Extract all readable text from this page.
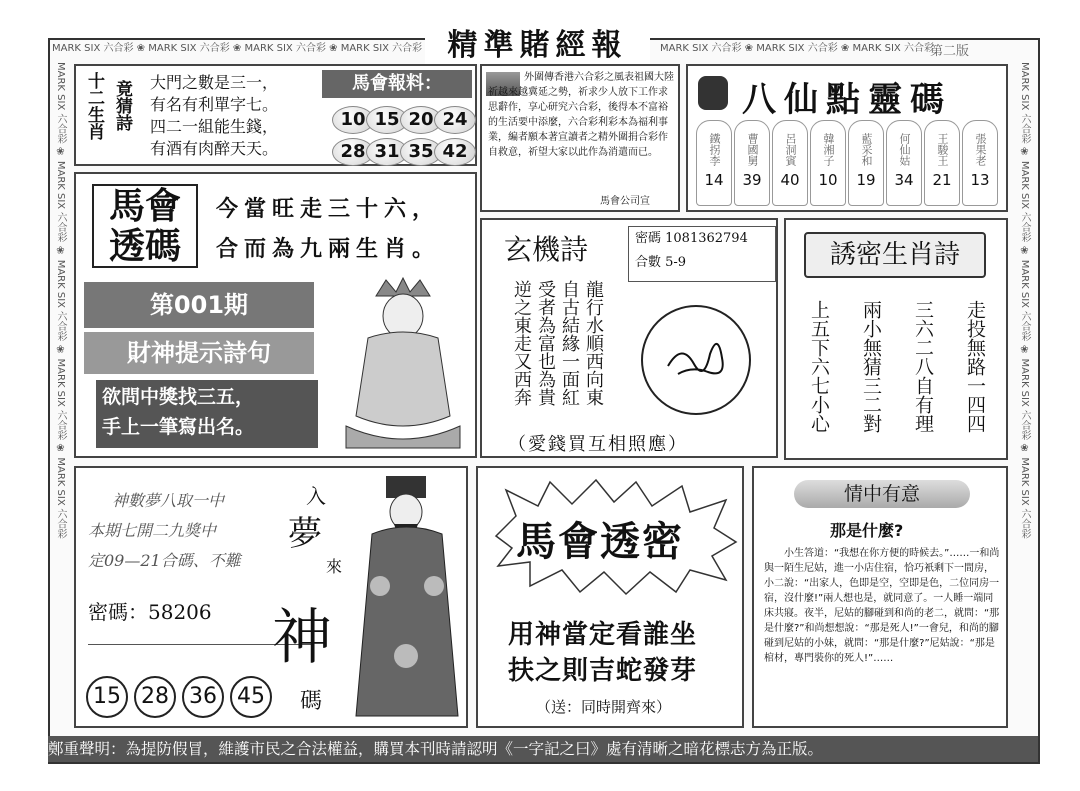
MARK SIX 六合彩 ❀ MARK SIX 六合彩 ❀ MARK SIX 六合彩 ❀ MARK SIX 六合彩	MARK SIX 六合彩 ❀ MARK SIX 六合彩 ❀ MARK SIX 六合彩
第二版
MARK SIX 六合彩 ❀ MARK SIX 六合彩 ❀ MARK SIX 六合彩 ❀ MARK SIX 六合彩 ❀ MARK SIX 六合彩
MARK SIX 六合彩 ❀ MARK SIX 六合彩 ❀ MARK SIX 六合彩 ❀ MARK SIX 六合彩 ❀ MARK SIX 六合彩
精準賭經報
十二生肖 竟猜詩 大門之數是三一，
有名有利單字七。
四二一組能生錢，
有酒有肉醉天天。
馬會報料：
10 15 20 24
28 31 35 42
外圍傳香港六合彩之風表祖國大陸祈越來越冀延之勢，祈求少人放下工作求思辭作，享心研究六合彩，後得本不富裕的生活要中添麼，六合彩利彩本為福利事業，編者願本著宣讀者之精外圍捐合彩作自救意，祈望大家以此作為消遣而已。
馬會公司宣
八仙點靈碼
鐵拐李
14
曹國舅
39
呂洞賓
40
韓湘子
10
藍采和
19
何仙姑
34
王駿王
21
張果老
13
馬會
透碼
今當旺走三十六，
合而為九兩生肖。
第001期
財神提示詩句
欲問中獎找三五，
手上一筆寫出名。
玄機詩	密碼 1081362794
合數 5-9
龍行水順西向東
自古結緣一面紅
受者為富也為貴
逆之東走又西奔
（愛錢買互相照應）
誘密生肖詩
走投無路一四四
三六二八自有理
兩小無猜三二對
上五下六七小心
神數夢八取一中
本期七開二九獎中
定09—21合碼、不難
密碼：58206
15 28 36 45
入
夢
來
神
碼
馬會透密
用神當定看誰坐
扶之則吉蛇發芽
（送：同時開齊來）
情中有意
那是什麼?
小生答道：“我想在你方便的時候去。”……一和尚與一陌生尼姑，進一小店住宿，恰巧衹剩下一間房，小二說：“出家人，色即是空，空即是色，二位同房一宿，沒什麼!”兩人想也是，就同意了。一人睡一端同床共寢。夜半，尼姑的腳碰到和尚的老二，就問：“那是什麼?”和尚想想說：“那是死人!”一會兒，和尚的腳碰到尼姑的小妹，就問：“那是什麼?”尼姑說：“那是棺材，專門裝你的死人!”……
鄭重聲明：為提防假冒，維護市民之合法權益，購買本刊時請認明《一字記之曰》處有清晰之暗花標志方為正版。
